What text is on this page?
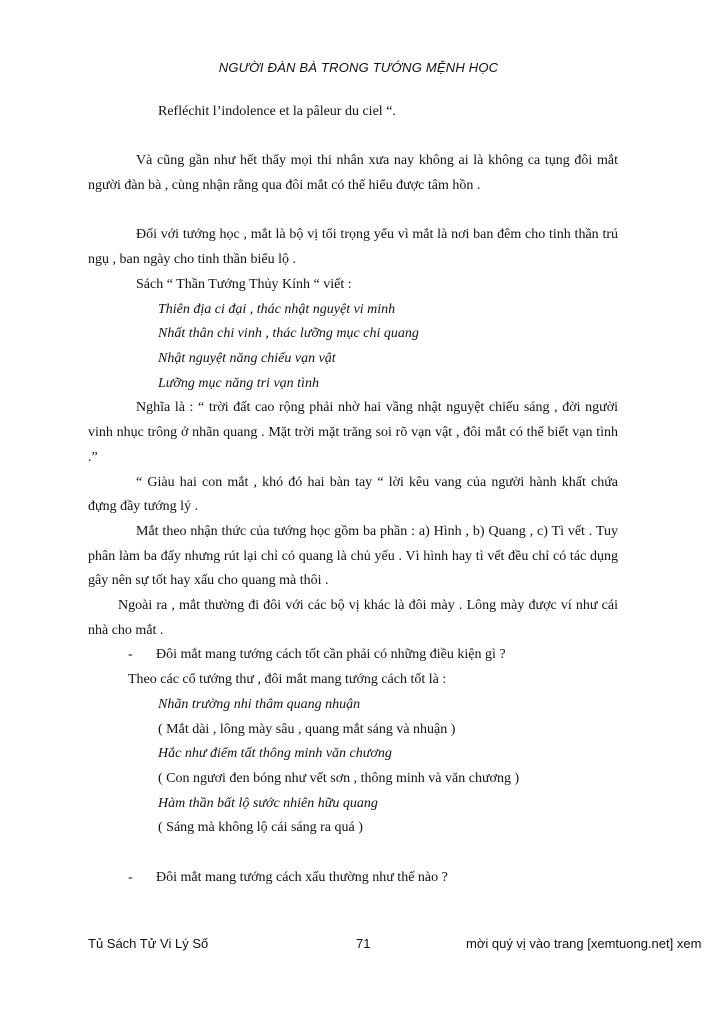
NGƯỜI ĐÀN BÀ TRONG TƯỚNG MỆNH HỌC

Refléchit l’indolence et la pâleur du ciel “.

Và cũng gần như hết thẩy mọi thi nhân xưa nay không ai là không ca tụng đôi mắt người đàn bà , cùng nhận rằng qua đôi mắt có thể hiểu được tâm hồn .

Đối với tướng học , mắt là bộ vị tối trọng yếu vì mắt là nơi ban đêm cho tinh thần trú ngụ , ban ngày cho tinh thần biểu lộ .

Sách “ Thần Tướng Thủy Kính “ viết :

Thiên địa ci đại , thác nhật nguyệt vi minh

Nhất thân chi vinh , thác lưỡng mục chi quang

Nhật nguyệt năng chiếu vạn vật

Lưỡng mục năng tri vạn tình

Nghĩa là : “ trời đất cao rộng phải nhờ hai vầng nhật nguyệt chiếu sáng , đời người vinh nhục trông ở nhãn quang . Mặt trời mặt trăng soi rõ vạn vật , đôi mắt có thể biết vạn tình .”

“ Giàu hai con mắt , khó đó hai bàn tay “ lời kêu vang của người hành khất chứa đựng đầy tướng lý .

Mắt theo nhận thức của tướng học gồm ba phần : a) Hình , b) Quang , c) Tì vết . Tuy phân làm ba đấy nhưng rút lại chỉ có quang là chủ yếu . Vì hình hay tì vết đều chỉ có tác dụng gây nên sự tốt hay xấu cho quang mà thôi .

Ngoài ra , mắt thường đi đôi với các bộ vị khác là đôi mày . Lông mày được ví như cái nhà cho mắt .

-	Đôi mắt mang tướng cách tốt cần phải có những điều kiện gì ?

Theo các cổ tướng thư , đôi mắt mang tướng cách tốt là :

Nhãn trường nhi thâm quang nhuận

( Mắt dài , lông mày sâu , quang mắt sáng và nhuận )

Hắc như điểm tất thông minh văn chương

( Con ngươi đen bóng như vết sơn , thông minh và văn chương )

Hàm thần bất lộ sước nhiên hữu quang

( Sáng mà không lộ cái sáng ra quá )

-	Đôi mắt mang tướng cách xấu thường như thế nào ?
Tủ Sách Tử Vi Lý Số	71	mời quý vị vào trang [xemtuong.net] xem
